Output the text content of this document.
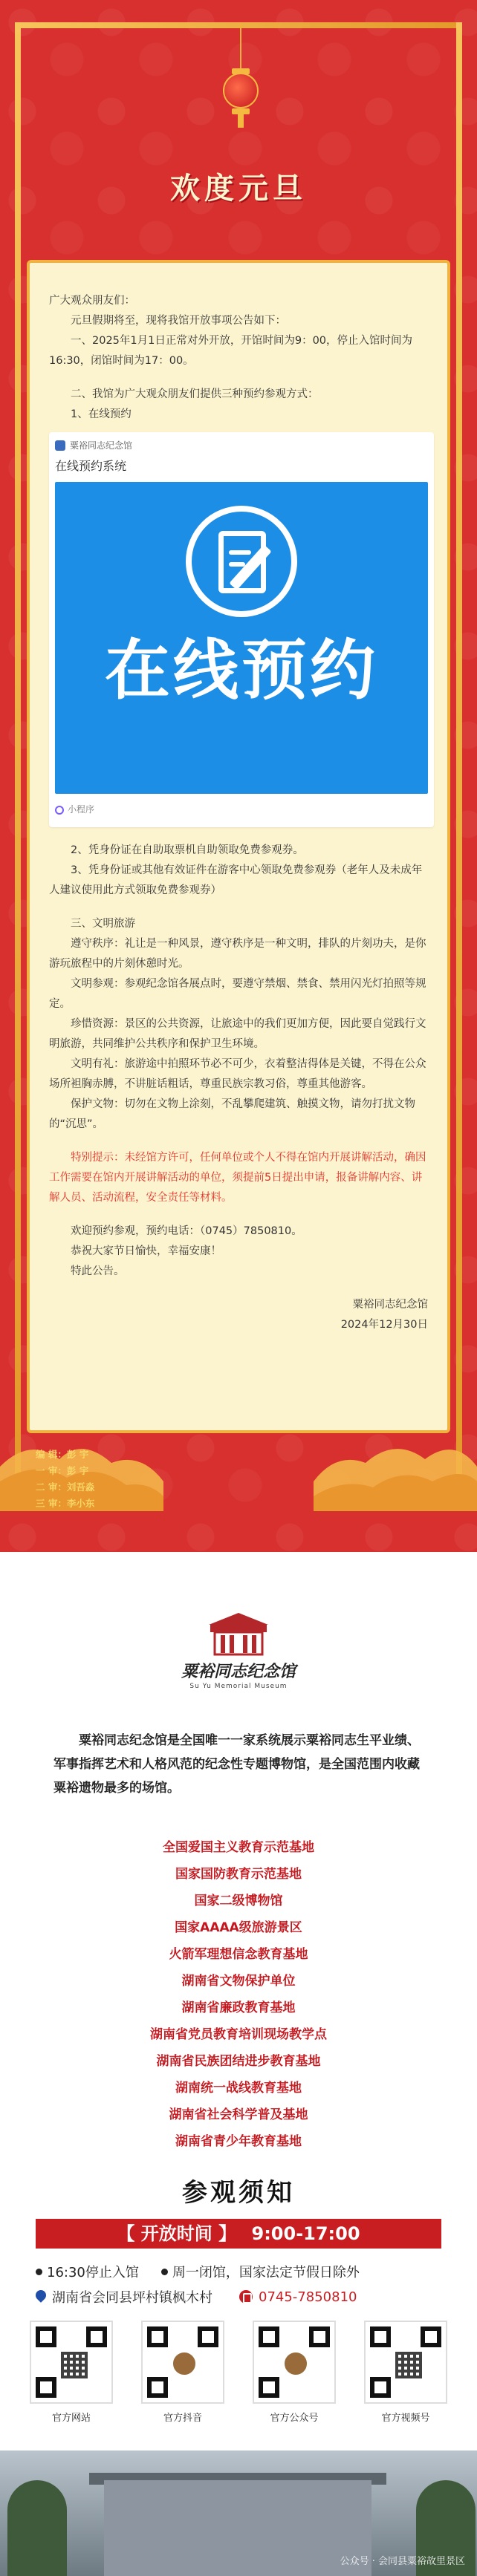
欢度元旦

广大观众朋友们：

元旦假期将至，现将我馆开放事项公告如下：

一、2025年1月1日正常对外开放，开馆时间为9：00，停止入馆时间为16:30，闭馆时间为17：00。

二、我馆为广大观众朋友们提供三种预约参观方式：

1、在线预约

粟裕同志纪念馆
在线预约系统
在线预约
小程序

2、凭身份证在自助取票机自助领取免费参观券。

3、凭身份证或其他有效证件在游客中心领取免费参观券（老年人及未成年人建议使用此方式领取免费参观券）

三、文明旅游

遵守秩序：礼让是一种风景，遵守秩序是一种文明，排队的片刻功夫，是你游玩旅程中的片刻休憩时光。

文明参观：参观纪念馆各展点时，要遵守禁烟、禁食、禁用闪光灯拍照等规定。

珍惜资源：景区的公共资源，让旅途中的我们更加方便，因此要自觉践行文明旅游，共同维护公共秩序和保护卫生环境。

文明有礼：旅游途中拍照环节必不可少，衣着整洁得体是关键，不得在公众场所袒胸赤膊，不讲脏话粗话，尊重民族宗教习俗，尊重其他游客。

保护文物：切勿在文物上涂刻，不乱攀爬建筑、触摸文物，请勿打扰文物的“沉思”。

特别提示：未经馆方许可，任何单位或个人不得在馆内开展讲解活动，确因工作需要在馆内开展讲解活动的单位，须提前5日提出申请，报备讲解内容、讲解人员、活动流程，安全责任等材料。

欢迎预约参观，预约电话：（0745）7850810。

恭祝大家节日愉快，幸福安康！

特此公告。

粟裕同志纪念馆

2024年12月30日

编 辑：彭 宇
一 审：彭 宇
二 审：刘吾淼
三 审：李小东
粟裕同志纪念馆
Su Yu Memorial Museum
粟裕同志纪念馆是全国唯一一家系统展示粟裕同志生平业绩、军事指挥艺术和人格风范的纪念性专题博物馆，是全国范围内收藏粟裕遗物最多的场馆。
全国爱国主义教育示范基地
国家国防教育示范基地
国家二级博物馆
国家AAAA级旅游景区
火箭军理想信念教育基地
湖南省文物保护单位
湖南省廉政教育基地
湖南省党员教育培训现场教学点
湖南省民族团结进步教育基地
湖南统一战线教育基地
湖南省社会科学普及基地
湖南省青少年教育基地
参观须知
【 开放时间 】 9:00-17:00
16:30停止入馆	周一闭馆，国家法定节假日除外
湖南省会同县坪村镇枫木村	0745-7850810
官方网站	官方抖音	官方公众号	官方视频号
公众号 · 会同县粟裕故里景区
